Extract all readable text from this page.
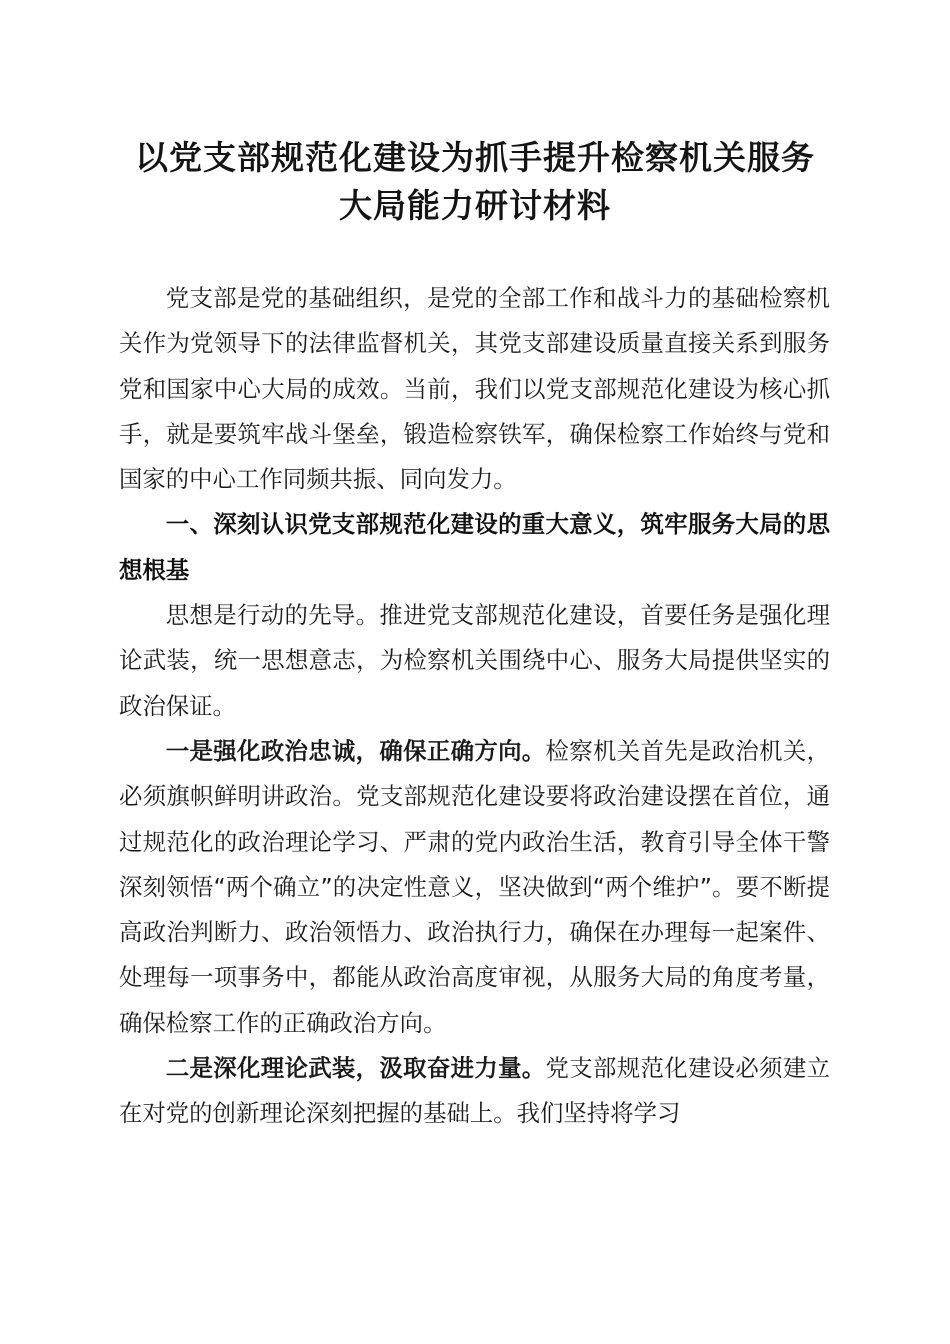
以党支部规范化建设为抓手提升检察机关服务
大局能力研讨材料

党支部是党的基础组织，是党的全部工作和战斗力的基础检察机关作为党领导下的法律监督机关，其党支部建设质量直接关系到服务党和国家中心大局的成效。当前，我们以党支部规范化建设为核心抓手，就是要筑牢战斗堡垒，锻造检察铁军，确保检察工作始终与党和国家的中心工作同频共振、同向发力。

一、深刻认识党支部规范化建设的重大意义，筑牢服务大局的思想根基

思想是行动的先导。推进党支部规范化建设，首要任务是强化理论武装，统一思想意志，为检察机关围绕中心、服务大局提供坚实的政治保证。

一是强化政治忠诚，确保正确方向。检察机关首先是政治机关，必须旗帜鲜明讲政治。党支部规范化建设要将政治建设摆在首位，通过规范化的政治理论学习、严肃的党内政治生活，教育引导全体干警深刻领悟“两个确立”的决定性意义，坚决做到“两个维护”。要不断提高政治判断力、政治领悟力、政治执行力，确保在办理每一起案件、处理每一项事务中，都能从政治高度审视，从服务大局的角度考量，确保检察工作的正确政治方向。

二是深化理论武装，汲取奋进力量。党支部规范化建设必须建立在对党的创新理论深刻把握的基础上。我们坚持将学习
